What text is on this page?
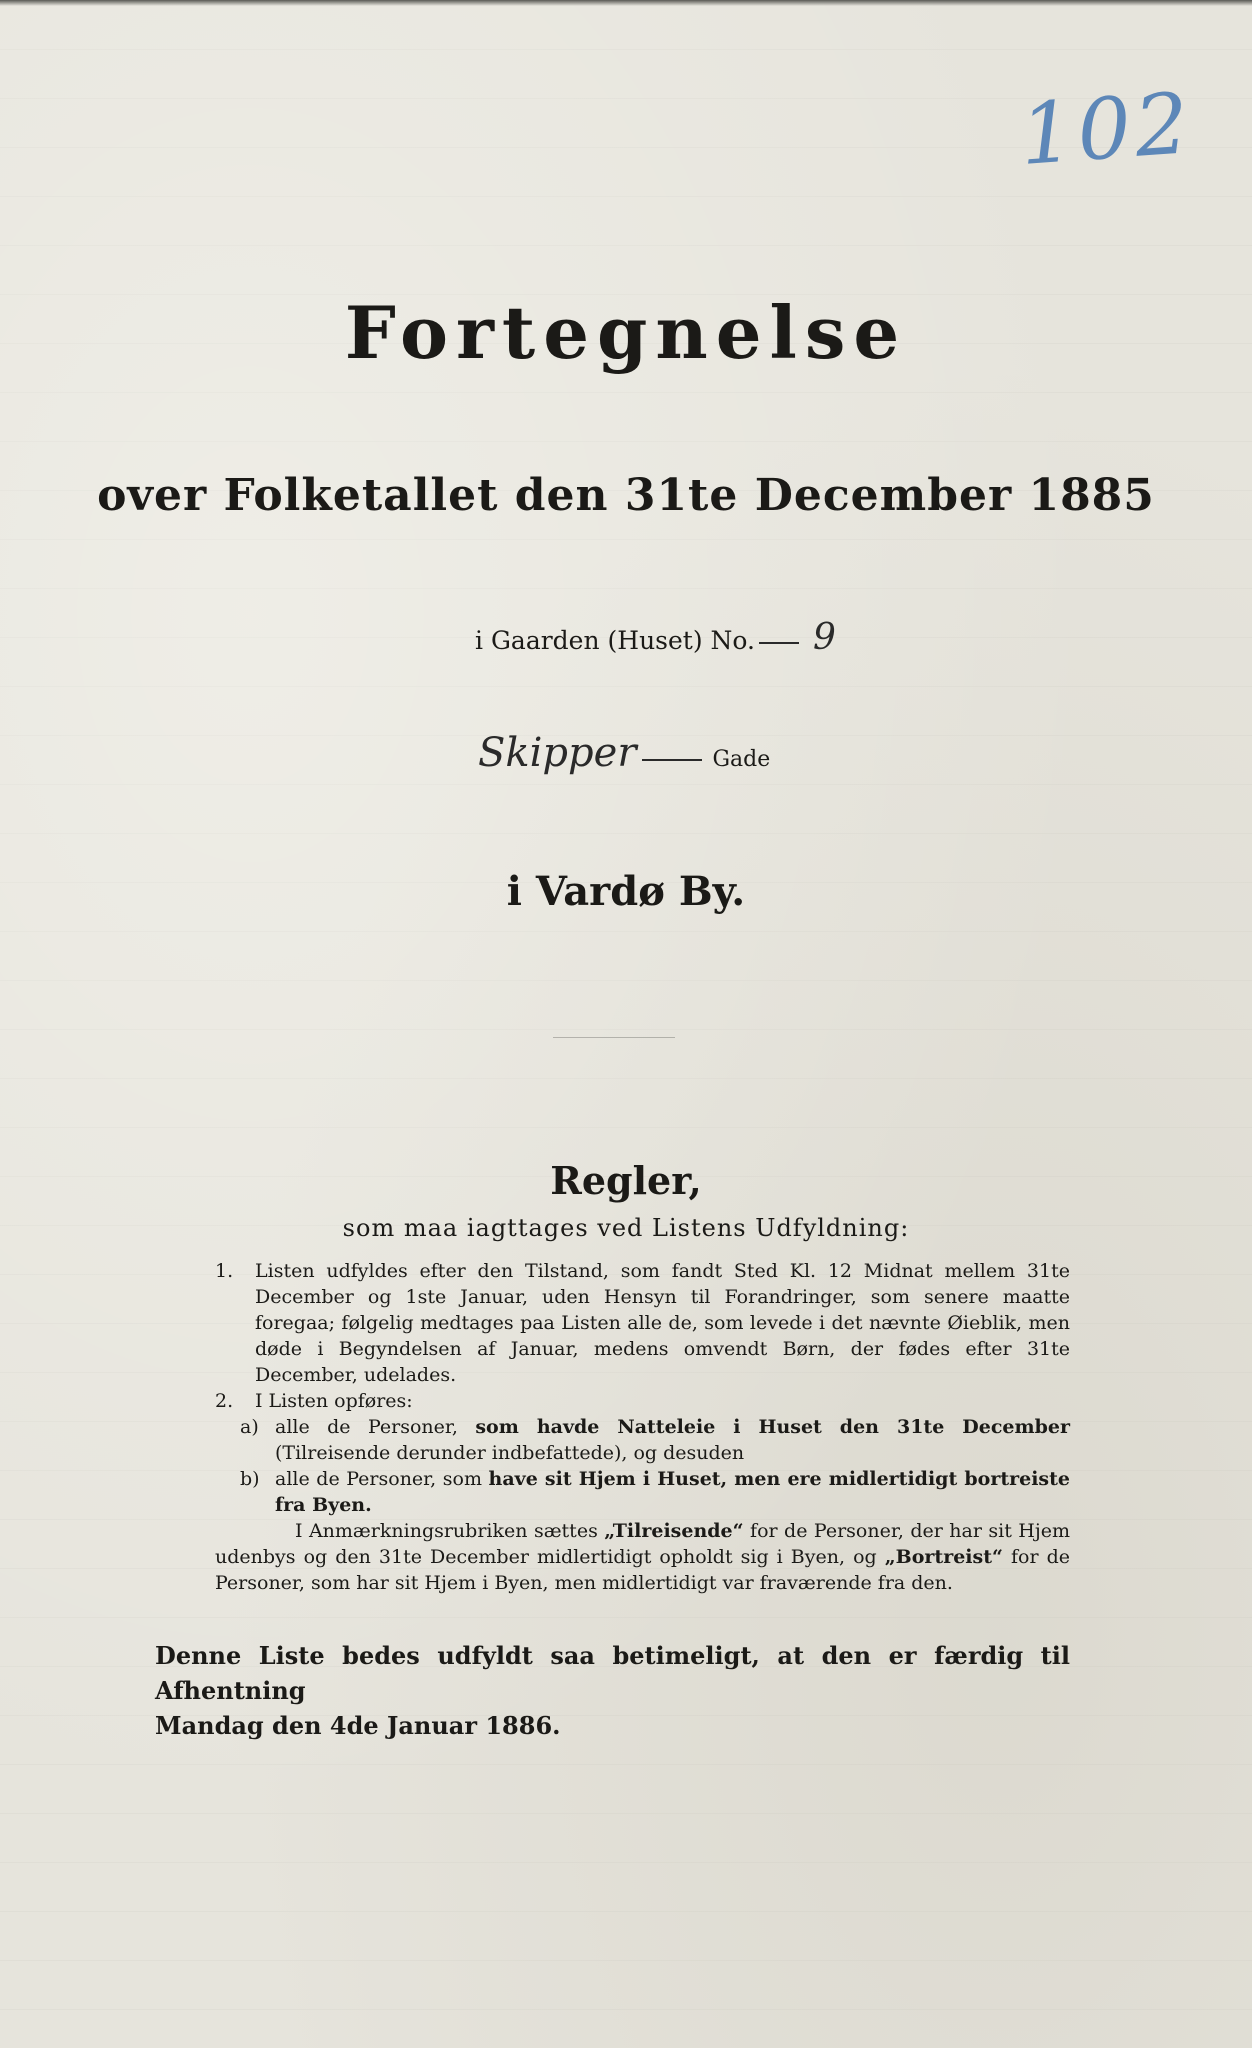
102
Fortegnelse
over Folketallet den 31te December 1885
i Gaarden (Huset) No. 9
Skipper	Gade
i Vardø By.
Regler,
som maa iagttages ved Listens Udfyldning:
1. Listen udfyldes efter den Tilstand, som fandt Sted Kl. 12 Midnat mellem 31te December og 1ste Januar, uden Hensyn til Forandringer, som senere maatte foregaa; følgelig medtages paa Listen alle de, som levede i det nævnte Øieblik, men døde i Begyndelsen af Januar, medens omvendt Børn, der fødes efter 31te December, udelades.
2. I Listen opføres:
a) alle de Personer, som havde Natteleie i Huset den 31te December (Tilreisende derunder indbefattede), og desuden
b) alle de Personer, som have sit Hjem i Huset, men ere midlertidigt bortreiste fra Byen.
I Anmærkningsrubriken sættes „Tilreisende“ for de Personer, der har sit Hjem udenbys og den 31te December midlertidigt opholdt sig i Byen, og „Bortreist“ for de Personer, som har sit Hjem i Byen, men midlertidigt var fraværende fra den.
Denne Liste bedes udfyldt saa betimeligt, at den er færdig til Afhentning
Mandag den 4de Januar 1886.
